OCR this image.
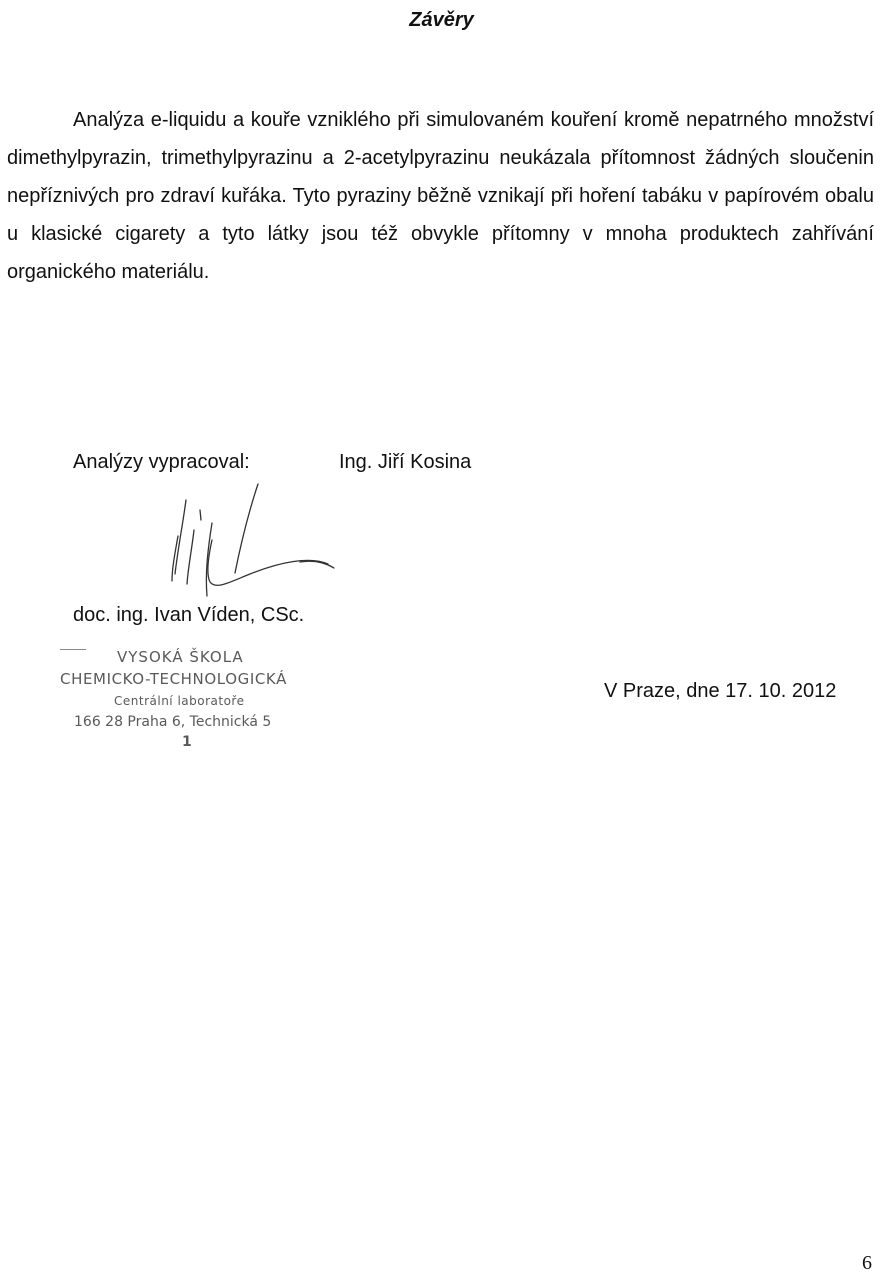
Závěry

Analýza e-liquidu a kouře vzniklého při simulovaném kouření kromě nepatrného množství dimethylpyrazin, trimethylpyrazinu a 2-acetylpyrazinu neukázala přítomnost žádných sloučenin nepříznivých pro zdraví kuřáka. Tyto pyraziny běžně vznikají při hoření tabáku v papírovém obalu u klasické cigarety a tyto látky jsou též obvykle přítomny v mnoha produktech zahřívání organického materiálu.

Analýzy vypracoval:	Ing. Jiří Kosina
doc. ing. Ivan Víden, CSc.
VYSOKÁ ŠKOLA
CHEMICKO-TECHNOLOGICKÁ
Centrální laboratoře
166 28 Praha 6, Technická 5
1
V Praze, dne 17. 10. 2012
6
